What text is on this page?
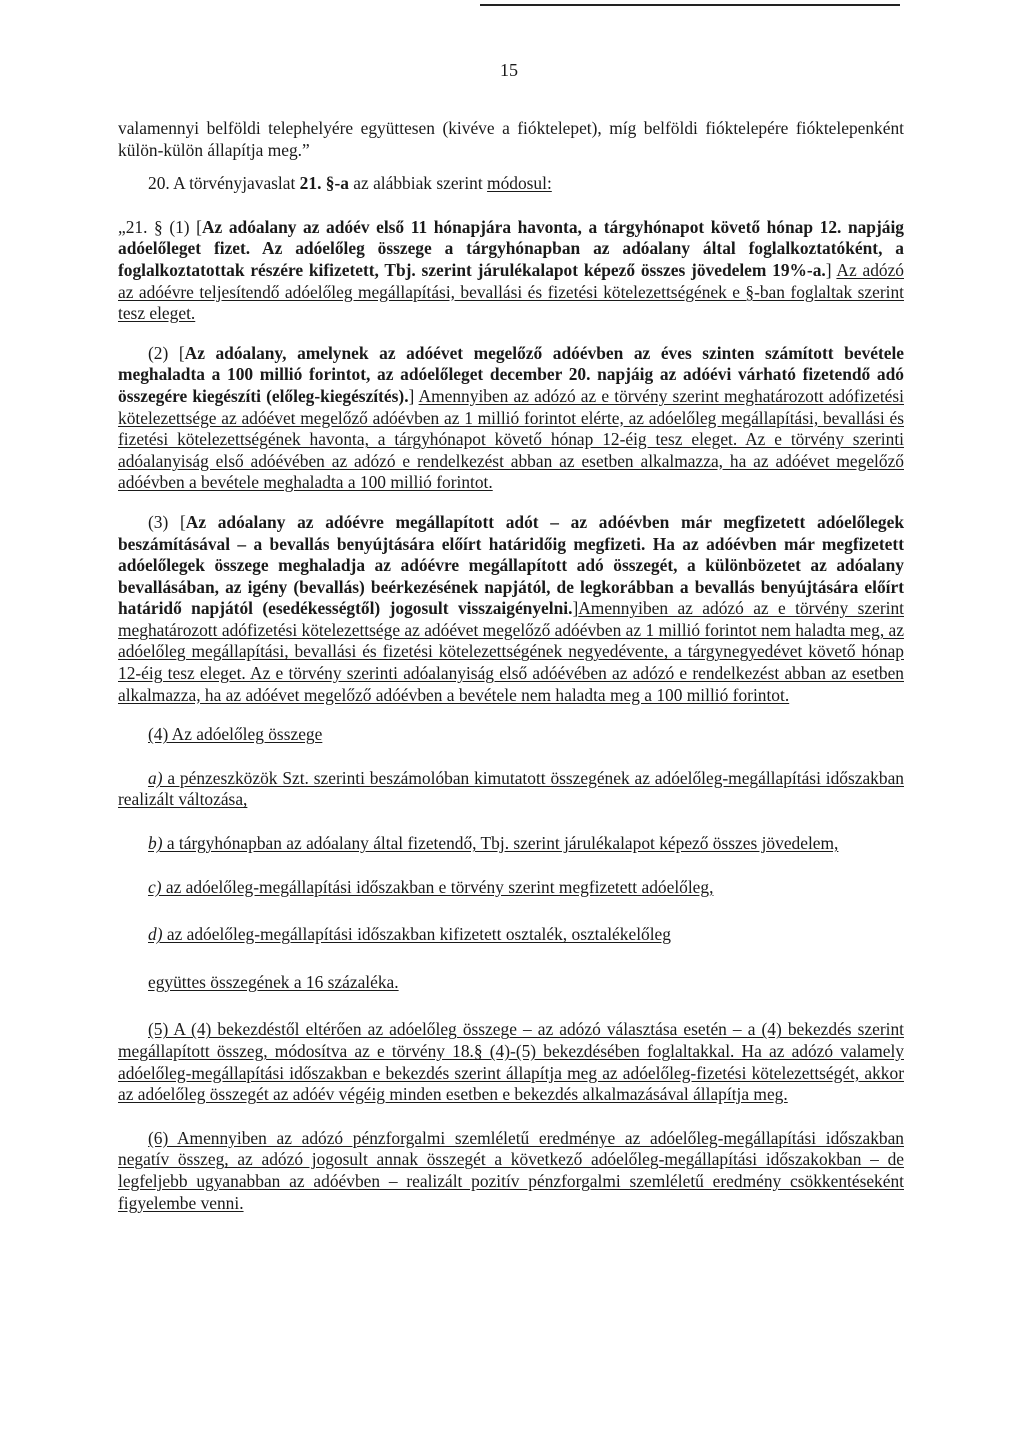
15

valamennyi belföldi telephelyére együttesen (kivéve a fióktelepet), míg belföldi fióktelepére fióktelepenként külön-külön állapítja meg.”

20. A törvényjavaslat 21. §-a az alábbiak szerint módosul:

„21. § (1) [Az adóalany az adóév első 11 hónapjára havonta, a tárgyhónapot követő hónap 12. napjáig adóelőleget fizet. Az adóelőleg összege a tárgyhónapban az adóalany által foglalkoztatóként, a foglalkoztatottak részére kifizetett, Tbj. szerint járulékalapot képező összes jövedelem 19%-a.] Az adózó az adóévre teljesítendő adóelőleg megállapítási, bevallási és fizetési kötelezettségének e §-ban foglaltak szerint tesz eleget.

(2) [Az adóalany, amelynek az adóévet megelőző adóévben az éves szinten számított bevétele meghaladta a 100 millió forintot, az adóelőleget december 20. napjáig az adóévi várható fizetendő adó összegére kiegészíti (előleg-kiegészítés).] Amennyiben az adózó az e törvény szerint meghatározott adófizetési kötelezettsége az adóévet megelőző adóévben az 1 millió forintot elérte, az adóelőleg megállapítási, bevallási és fizetési kötelezettségének havonta, a tárgyhónapot követő hónap 12-éig tesz eleget. Az e törvény szerinti adóalanyiság első adóévében az adózó e rendelkezést abban az esetben alkalmazza, ha az adóévet megelőző adóévben a bevétele meghaladta a 100 millió forintot.

(3) [Az adóalany az adóévre megállapított adót – az adóévben már megfizetett adóelőlegek beszámításával – a bevallás benyújtására előírt határidőig megfizeti. Ha az adóévben már megfizetett adóelőlegek összege meghaladja az adóévre megállapított adó összegét, a különbözetet az adóalany bevallásában, az igény (bevallás) beérkezésének napjától, de legkorábban a bevallás benyújtására előírt határidő napjától (esedékességtől) jogosult visszaigényelni.]Amennyiben az adózó az e törvény szerint meghatározott adófizetési kötelezettsége az adóévet megelőző adóévben az 1 millió forintot nem haladta meg, az adóelőleg megállapítási, bevallási és fizetési kötelezettségének negyedévente, a tárgynegyedévet követő hónap 12-éig tesz eleget. Az e törvény szerinti adóalanyiság első adóévében az adózó e rendelkezést abban az esetben alkalmazza, ha az adóévet megelőző adóévben a bevétele nem haladta meg a 100 millió forintot.

(4) Az adóelőleg összege

a) a pénzeszközök Szt. szerinti beszámolóban kimutatott összegének az adóelőleg-megállapítási időszakban realizált változása,

b) a tárgyhónapban az adóalany által fizetendő, Tbj. szerint járulékalapot képező összes jövedelem,

c) az adóelőleg-megállapítási időszakban e törvény szerint megfizetett adóelőleg,

d) az adóelőleg-megállapítási időszakban kifizetett osztalék, osztalékelőleg

együttes összegének a 16 százaléka.

(5) A (4) bekezdéstől eltérően az adóelőleg összege – az adózó választása esetén – a (4) bekezdés szerint megállapított összeg, módosítva az e törvény 18.§ (4)-(5) bekezdésében foglaltakkal. Ha az adózó valamely adóelőleg-megállapítási időszakban e bekezdés szerint állapítja meg az adóelőleg-fizetési kötelezettségét, akkor az adóelőleg összegét az adóév végéig minden esetben e bekezdés alkalmazásával állapítja meg.

(6) Amennyiben az adózó pénzforgalmi szemléletű eredménye az adóelőleg-megállapítási időszakban negatív összeg, az adózó jogosult annak összegét a következő adóelőleg-megállapítási időszakokban – de legfeljebb ugyanabban az adóévben – realizált pozitív pénzforgalmi szemléletű eredmény csökkentéseként figyelembe venni.
